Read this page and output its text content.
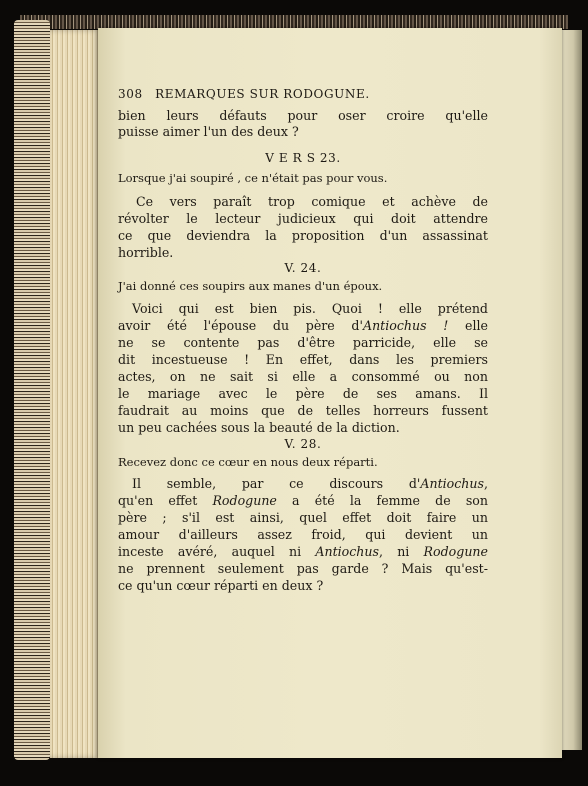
308 REMARQUES SUR RODOGUNE.
bien leurs défauts pour oser croire qu'elle
puisse aimer l'un des deux ?
V E R S 23.
Lorsque j'ai soupiré , ce n'était pas pour vous.
Ce vers paraît trop comique et achève de
révolter le lecteur judicieux qui doit attendre
ce que deviendra la proposition d'un assassinat
horrible.
V. 24.
J'ai donné ces soupirs aux manes d'un époux.
Voici qui est bien pis. Quoi ! elle prétend
avoir été l'épouse du père d'Antiochus ! elle
ne se contente pas d'être parricide, elle se
dit incestueuse ! En effet, dans les premiers
actes, on ne sait si elle a consommé ou non
le mariage avec le père de ses amans. Il
faudrait au moins que de telles horreurs fussent
un peu cachées sous la beauté de la diction.
V. 28.
Recevez donc ce cœur en nous deux réparti.
Il semble, par ce discours d'Antiochus,
qu'en effet Rodogune a été la femme de son
père ; s'il est ainsi, quel effet doit faire un
amour d'ailleurs assez froid, qui devient un
inceste avéré, auquel ni Antiochus, ni Rodogune
ne prennent seulement pas garde ? Mais qu'est-
ce qu'un cœur réparti en deux ?
